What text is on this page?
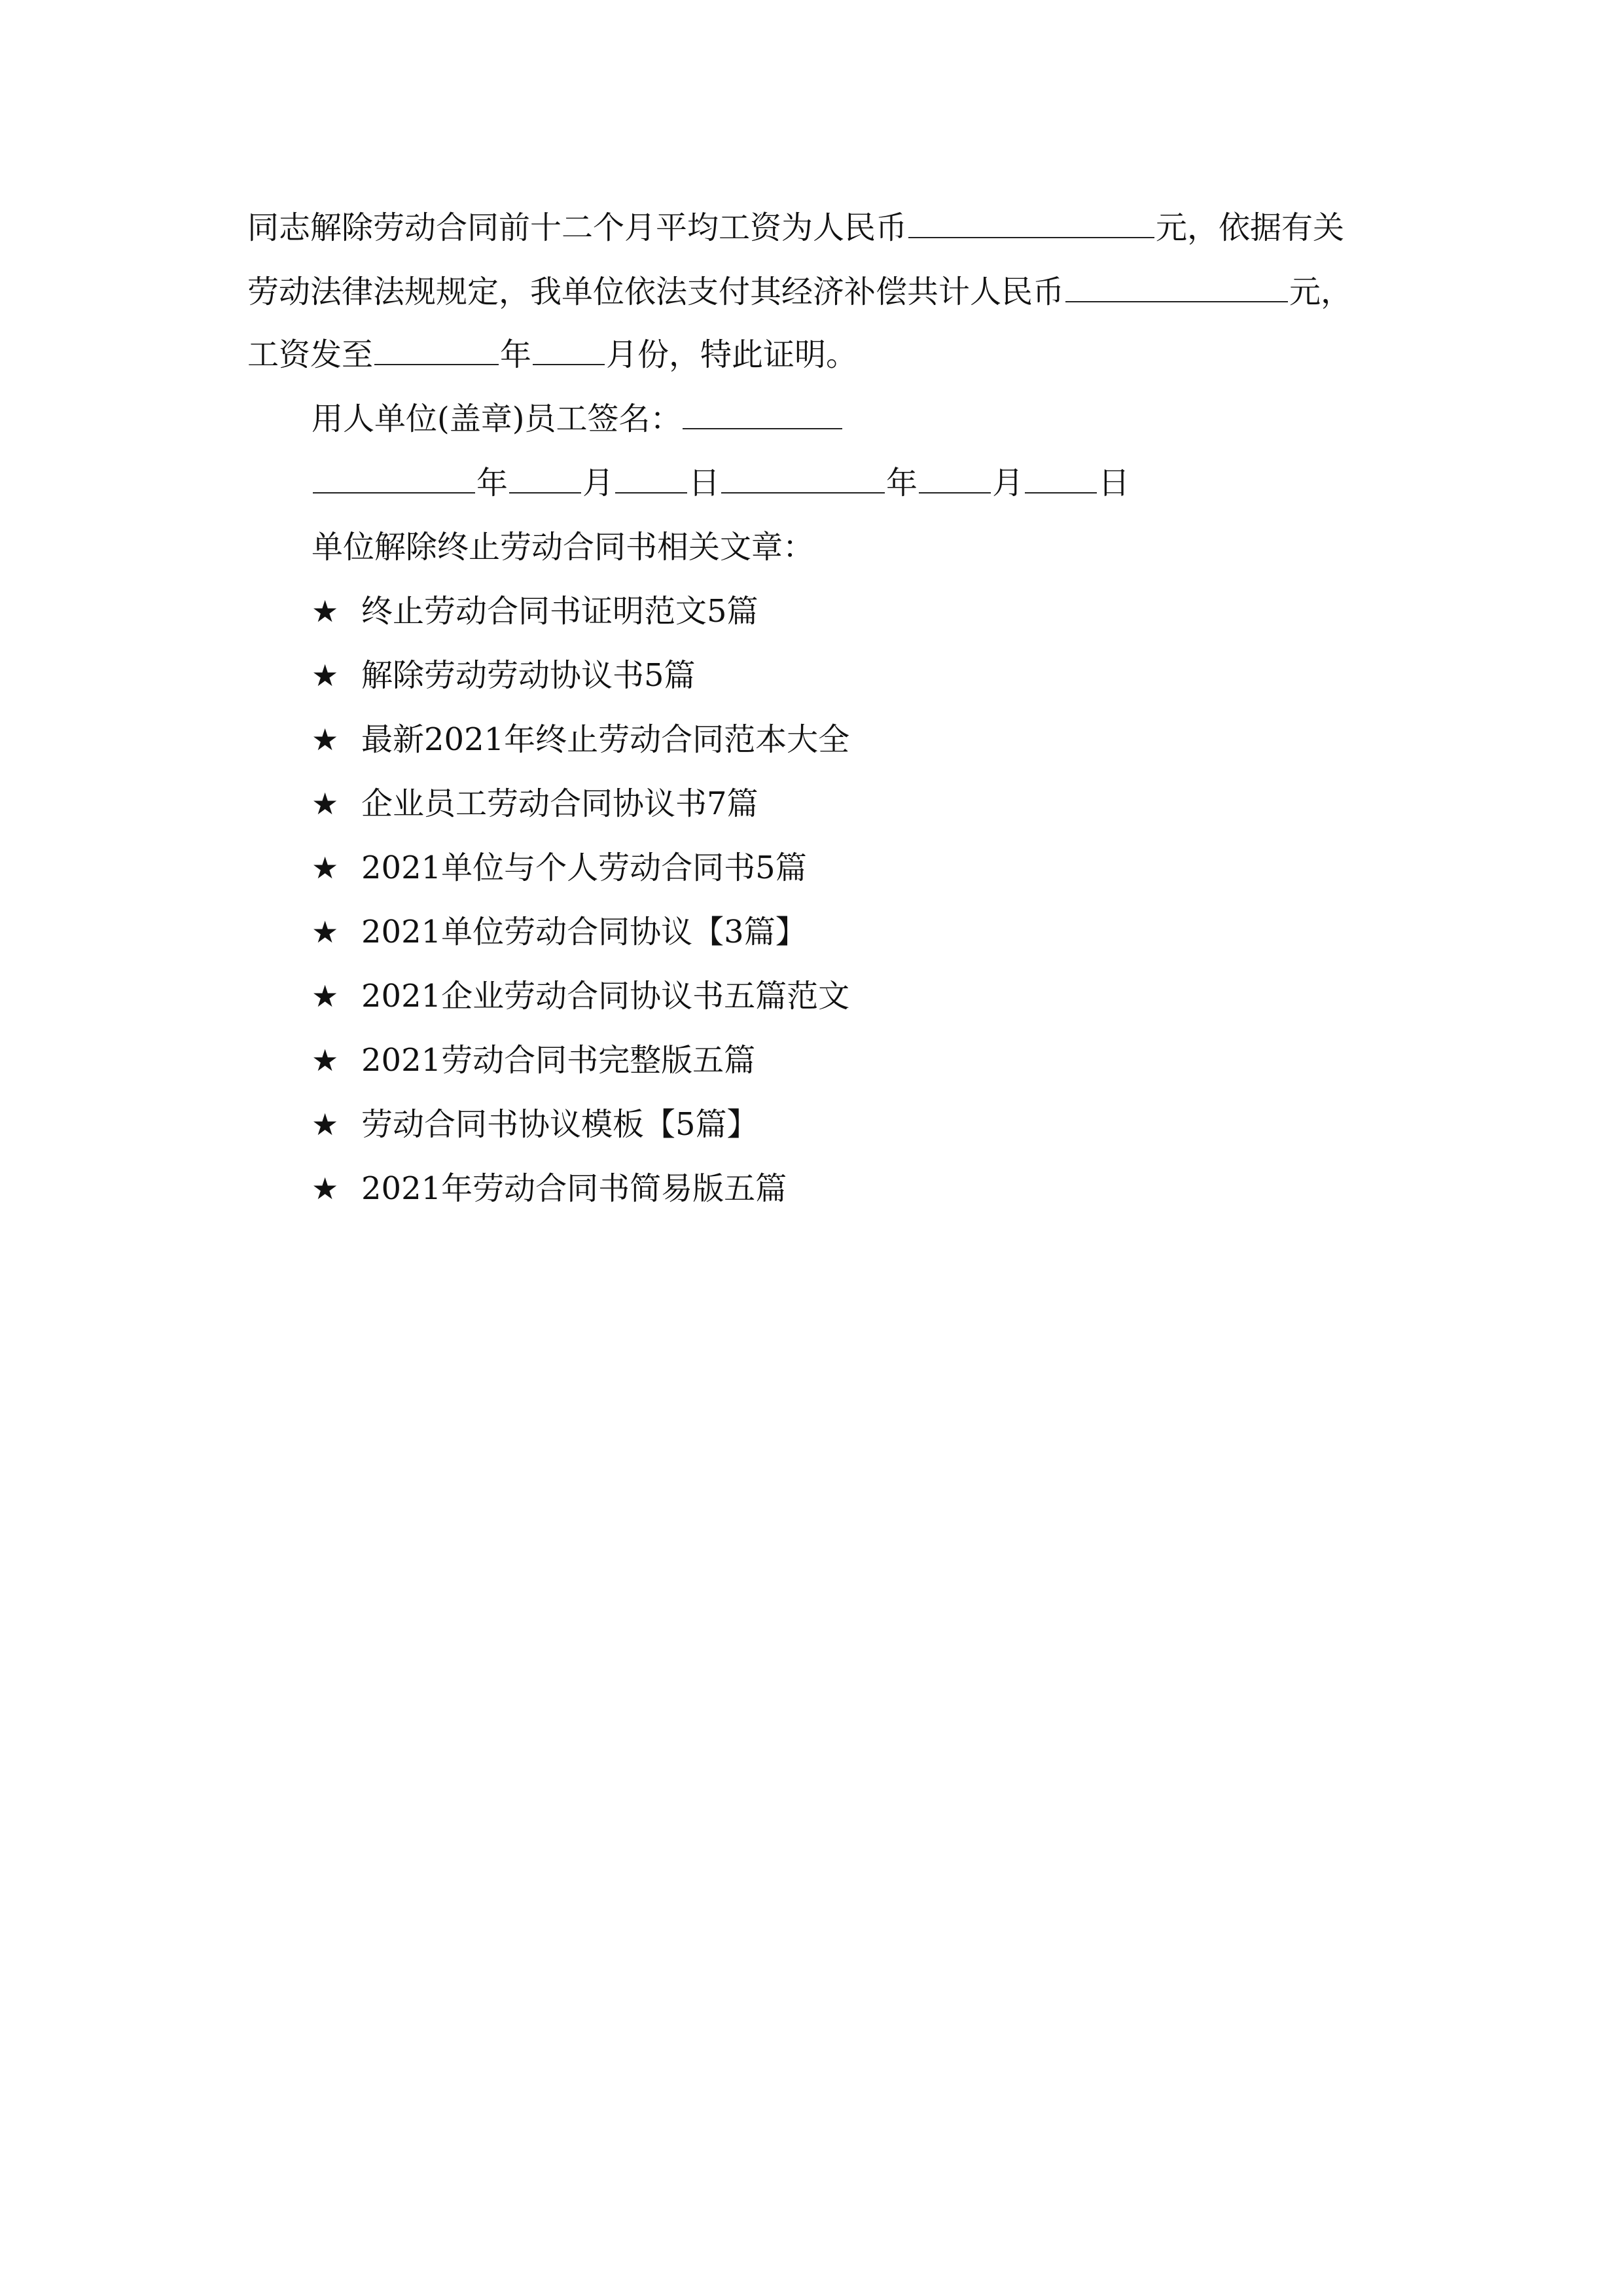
同志解除劳动合同前十二个月平均工资为人民币	元，依据有关
劳动法律法规规定，我单位依法支付其经济补偿共计人民币	元，
工资发至	年 月份，特此证明。
用人单位(盖章)员工签名：
年 月 日	年 月 日
单位解除终止劳动合同书相关文章：
★ 终止劳动合同书证明范文5篇
★ 解除劳动劳动协议书5篇
★ 最新2021年终止劳动合同范本大全
★ 企业员工劳动合同协议书7篇
★ 2021单位与个人劳动合同书5篇
★ 2021单位劳动合同协议【3篇】
★ 2021企业劳动合同协议书五篇范文
★ 2021劳动合同书完整版五篇
★ 劳动合同书协议模板【5篇】
★ 2021年劳动合同书简易版五篇
